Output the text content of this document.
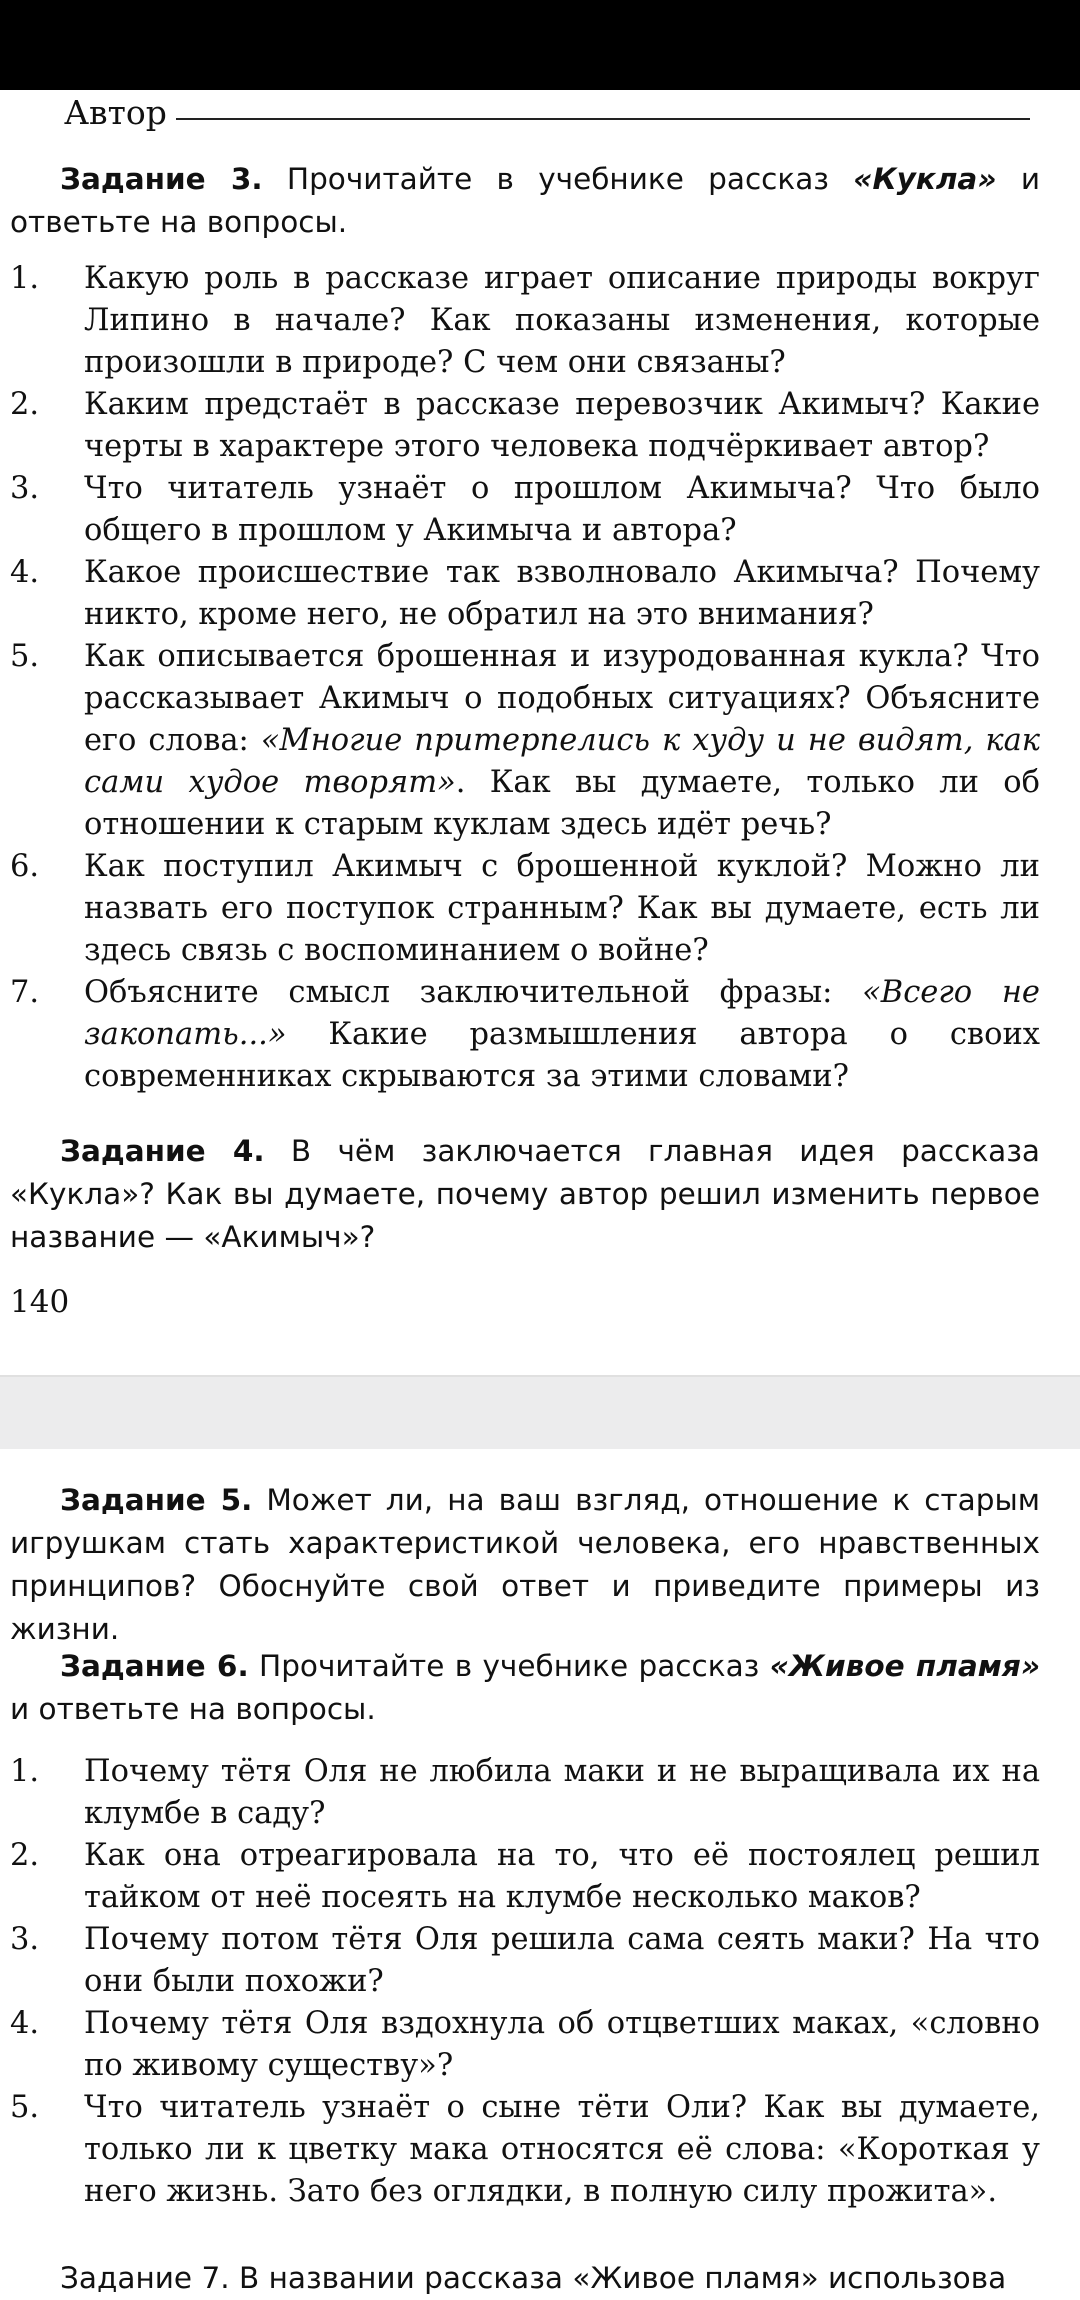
Автор
Задание 3. Прочитайте в учебнике рассказ «Кукла» и ответьте на вопросы.
1. Какую роль в рассказе играет описание природы вокруг Липино в начале? Как показаны изменения, которые произошли в природе? С чем они связаны?
2. Каким предстаёт в рассказе перевозчик Акимыч? Какие черты в характере этого человека подчёркивает автор?
3. Что читатель узнаёт о прошлом Акимыча? Что было общего в прошлом у Акимыча и автора?
4. Какое происшествие так взволновало Акимыча? Почему никто, кроме него, не обратил на это внимания?
5. Как описывается брошенная и изуродованная кукла? Что рассказывает Акимыч о подобных ситуациях? Объясните его слова: «Многие притерпелись к худу и не видят, как сами худое творят». Как вы думаете, только ли об отношении к старым куклам здесь идёт речь?
6. Как поступил Акимыч с брошенной куклой? Можно ли назвать его поступок странным? Как вы думаете, есть ли здесь связь с воспоминанием о войне?
7. Объясните смысл заключительной фразы: «Всего не закопать...» Какие размышления автора о своих современниках скрываются за этими словами?
Задание 4. В чём заключается главная идея рассказа «Кукла»? Как вы думаете, почему автор решил изменить первое название — «Акимыч»?
140
Задание 5. Может ли, на ваш взгляд, отношение к старым игрушкам стать характеристикой человека, его нравственных принципов? Обоснуйте свой ответ и приведите примеры из жизни.
Задание 6. Прочитайте в учебнике рассказ «Живое пламя» и ответьте на вопросы.
1. Почему тётя Оля не любила маки и не выращивала их на клумбе в саду?
2. Как она отреагировала на то, что её постоялец решил тайком от неё посеять на клумбе несколько маков?
3. Почему потом тётя Оля решила сама сеять маки? На что они были похожи?
4. Почему тётя Оля вздохнула об отцветших маках, «словно по живому существу»?
5. Что читатель узнаёт о сыне тёти Оли? Как вы думаете, только ли к цветку мака относятся её слова: «Короткая у него жизнь. Зато без оглядки, в полную силу прожита».
Задание 7. В названии рассказа «Живое пламя» использова
